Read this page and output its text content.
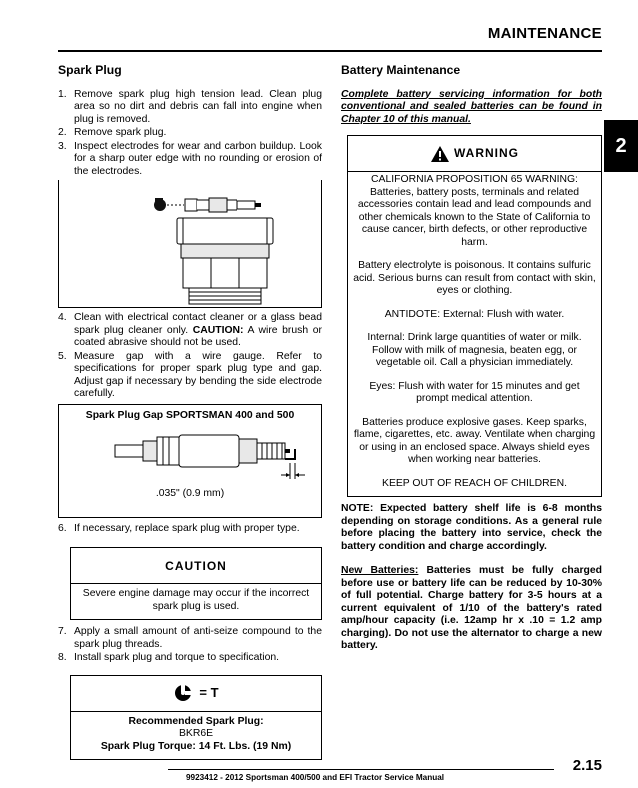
MAINTENANCE
2
Spark Plug
1. Remove spark plug high tension lead. Clean plug area so no dirt and debris can fall into engine when plug is removed.
2. Remove spark plug.
3. Inspect electrodes for wear and carbon buildup. Look for a sharp outer edge with no rounding or erosion of the electrodes.
4. Clean with electrical contact cleaner or a glass bead spark plug cleaner only. CAUTION: A wire brush or coated abrasive should not be used.
5. Measure gap with a wire gauge. Refer to specifications for proper spark plug type and gap. Adjust gap if necessary by bending the side electrode carefully.
Spark Plug Gap SPORTSMAN 400 and 500
.035" (0.9 mm)
6. If necessary, replace spark plug with proper type.
CAUTION
Severe engine damage may occur if the incorrect spark plug is used.
7. Apply a small amount of anti-seize compound to the spark plug threads.
8. Install spark plug and torque to specification.
= T
Recommended Spark Plug:
BKR6E
Spark Plug Torque: 14 Ft. Lbs. (19 Nm)
Battery Maintenance

Complete battery servicing information for both conventional and sealed batteries can be found in Chapter 10 of this manual.

WARNING

CALIFORNIA PROPOSITION 65 WARNING: Batteries, battery posts, terminals and related accessories contain lead and lead compounds and other chemicals known to the State of California to cause cancer, birth defects, or other reproductive harm.

Battery electrolyte is poisonous. It contains sulfuric acid. Serious burns can result from contact with skin, eyes or clothing.

ANTIDOTE: External: Flush with water.

Internal: Drink large quantities of water or milk. Follow with milk of magnesia, beaten egg, or vegetable oil. Call a physician immediately.

Eyes: Flush with water for 15 minutes and get prompt medical attention.

Batteries produce explosive gases. Keep sparks, flame, cigarettes, etc. away. Ventilate when charging or using in an enclosed space. Always shield eyes when working near batteries.

KEEP OUT OF REACH OF CHILDREN.

NOTE: Expected battery shelf life is 6-8 months depending on storage conditions. As a general rule before placing the battery into service, check the battery condition and charge accordingly.

New Batteries: Batteries must be fully charged before use or battery life can be reduced by 10-30% of full potential. Charge battery for 3-5 hours at a current equivalent of 1/10 of the battery's rated amp/hour capacity (i.e. 12amp hr x .10 = 1.2 amp charging). Do not use the alternator to charge a new battery.

9923412 - 2012 Sportsman 400/500 and EFI Tractor Service Manual
2.15
